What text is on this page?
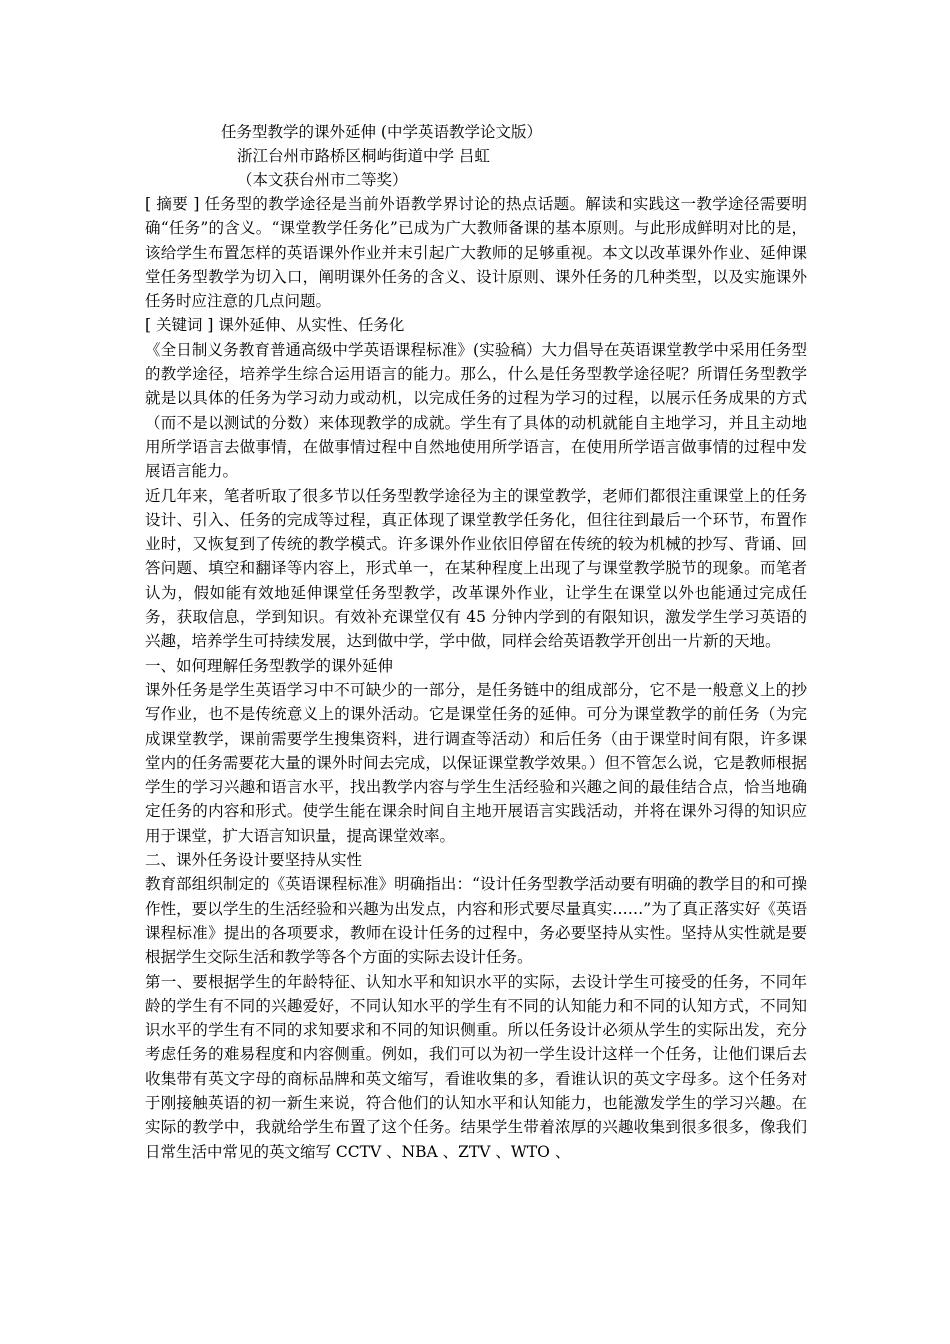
任务型教学的课外延伸 (中学英语教学论文版）
浙江台州市路桥区桐屿街道中学 吕虹
（本文获台州市二等奖）

[ 摘要 ] 任务型的教学途径是当前外语教学界讨论的热点话题。解读和实践这一教学途径需要明确“任务”的含义。“课堂教学任务化”已成为广大教师备课的基本原则。与此形成鲜明对比的是，该给学生布置怎样的英语课外作业并末引起广大教师的足够重视。本文以改革课外作业、延伸课堂任务型教学为切入口，阐明课外任务的含义、设计原则、课外任务的几种类型，以及实施课外任务时应注意的几点问题。

[ 关键词 ] 课外延伸、从实性、任务化

《全日制义务教育普通高级中学英语课程标准》(实验稿）大力倡导在英语课堂教学中采用任务型的教学途径，培养学生综合运用语言的能力。那么，什么是任务型教学途径呢？所谓任务型教学就是以具体的任务为学习动力或动机，以完成任务的过程为学习的过程，以展示任务成果的方式（而不是以测试的分数）来体现教学的成就。学生有了具体的动机就能自主地学习，并且主动地用所学语言去做事情，在做事情过程中自然地使用所学语言，在使用所学语言做事情的过程中发展语言能力。

近几年来，笔者听取了很多节以任务型教学途径为主的课堂教学，老师们都很注重课堂上的任务设计、引入、任务的完成等过程，真正体现了课堂教学任务化，但往往到最后一个环节，布置作业时，又恢复到了传统的教学模式。许多课外作业依旧停留在传统的较为机械的抄写、背诵、回答问题、填空和翻译等内容上，形式单一，在某种程度上出现了与课堂教学脱节的现象。而笔者认为，假如能有效地延伸课堂任务型教学，改革课外作业，让学生在课堂以外也能通过完成任务，获取信息，学到知识。有效补充课堂仅有 45 分钟内学到的有限知识，激发学生学习英语的兴趣，培养学生可持续发展，达到做中学，学中做，同样会给英语教学开创出一片新的天地。

一、如何理解任务型教学的课外延伸

课外任务是学生英语学习中不可缺少的一部分，是任务链中的组成部分，它不是一般意义上的抄写作业，也不是传统意义上的课外活动。它是课堂任务的延伸。可分为课堂教学的前任务（为完成课堂教学，课前需要学生搜集资料，进行调查等活动）和后任务（由于课堂时间有限，许多课堂内的任务需要花大量的课外时间去完成，以保证课堂教学效果。）但不管怎么说，它是教师根据学生的学习兴趣和语言水平，找出教学内容与学生生活经验和兴趣之间的最佳结合点，恰当地确定任务的内容和形式。使学生能在课余时间自主地开展语言实践活动，并将在课外习得的知识应用于课堂，扩大语言知识量，提高课堂效率。

二、课外任务设计要坚持从实性

教育部组织制定的《英语课程标准》明确指出：“设计任务型教学活动要有明确的教学目的和可操作性，要以学生的生活经验和兴趣为出发点，内容和形式要尽量真实……”为了真正落实好《英语课程标准》提出的各项要求，教师在设计任务的过程中，务必要坚持从实性。坚持从实性就是要根据学生交际生活和教学等各个方面的实际去设计任务。

第一、要根据学生的年龄特征、认知水平和知识水平的实际，去设计学生可接受的任务，不同年龄的学生有不同的兴趣爱好，不同认知水平的学生有不同的认知能力和不同的认知方式，不同知识水平的学生有不同的求知要求和不同的知识侧重。所以任务设计必须从学生的实际出发，充分考虑任务的难易程度和内容侧重。例如，我们可以为初一学生设计这样一个任务，让他们课后去收集带有英文字母的商标品牌和英文缩写，看谁收集的多，看谁认识的英文字母多。这个任务对于刚接触英语的初一新生来说，符合他们的认知水平和认知能力，也能激发学生的学习兴趣。在实际的教学中，我就给学生布置了这个任务。结果学生带着浓厚的兴趣收集到很多很多，像我们日常生活中常见的英文缩写 CCTV 、NBA 、ZTV 、WTO 、
